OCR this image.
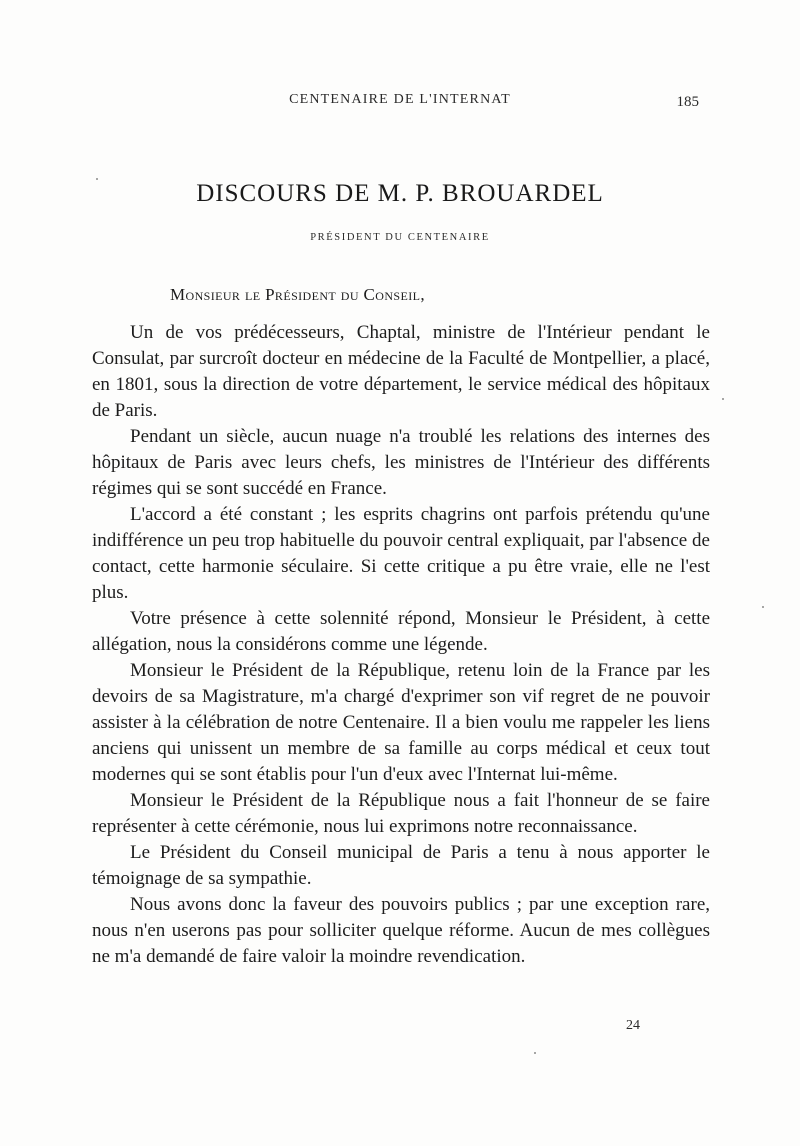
CENTENAIRE DE L'INTERNAT	185
DISCOURS DE M. P. BROUARDEL
PRÉSIDENT DU CENTENAIRE
Monsieur le Président du Conseil,

Un de vos prédécesseurs, Chaptal, ministre de l'Intérieur pendant le Consulat, par surcroît docteur en médecine de la Faculté de Montpellier, a placé, en 1801, sous la direction de votre département, le service médical des hôpitaux de Paris.

Pendant un siècle, aucun nuage n'a troublé les relations des internes des hôpitaux de Paris avec leurs chefs, les ministres de l'Intérieur des différents régimes qui se sont succédé en France.

L'accord a été constant ; les esprits chagrins ont parfois prétendu qu'une indifférence un peu trop habituelle du pouvoir central expliquait, par l'absence de contact, cette harmonie séculaire. Si cette critique a pu être vraie, elle ne l'est plus.

Votre présence à cette solennité répond, Monsieur le Président, à cette allégation, nous la considérons comme une légende.

Monsieur le Président de la République, retenu loin de la France par les devoirs de sa Magistrature, m'a chargé d'exprimer son vif regret de ne pouvoir assister à la célébration de notre Centenaire. Il a bien voulu me rappeler les liens anciens qui unissent un membre de sa famille au corps médical et ceux tout modernes qui se sont établis pour l'un d'eux avec l'Internat lui-même.

Monsieur le Président de la République nous a fait l'honneur de se faire représenter à cette cérémonie, nous lui exprimons notre reconnaissance.

Le Président du Conseil municipal de Paris a tenu à nous apporter le témoignage de sa sympathie.

Nous avons donc la faveur des pouvoirs publics ; par une exception rare, nous n'en userons pas pour solliciter quelque réforme. Aucun de mes collègues ne m'a demandé de faire valoir la moindre revendication.

24
